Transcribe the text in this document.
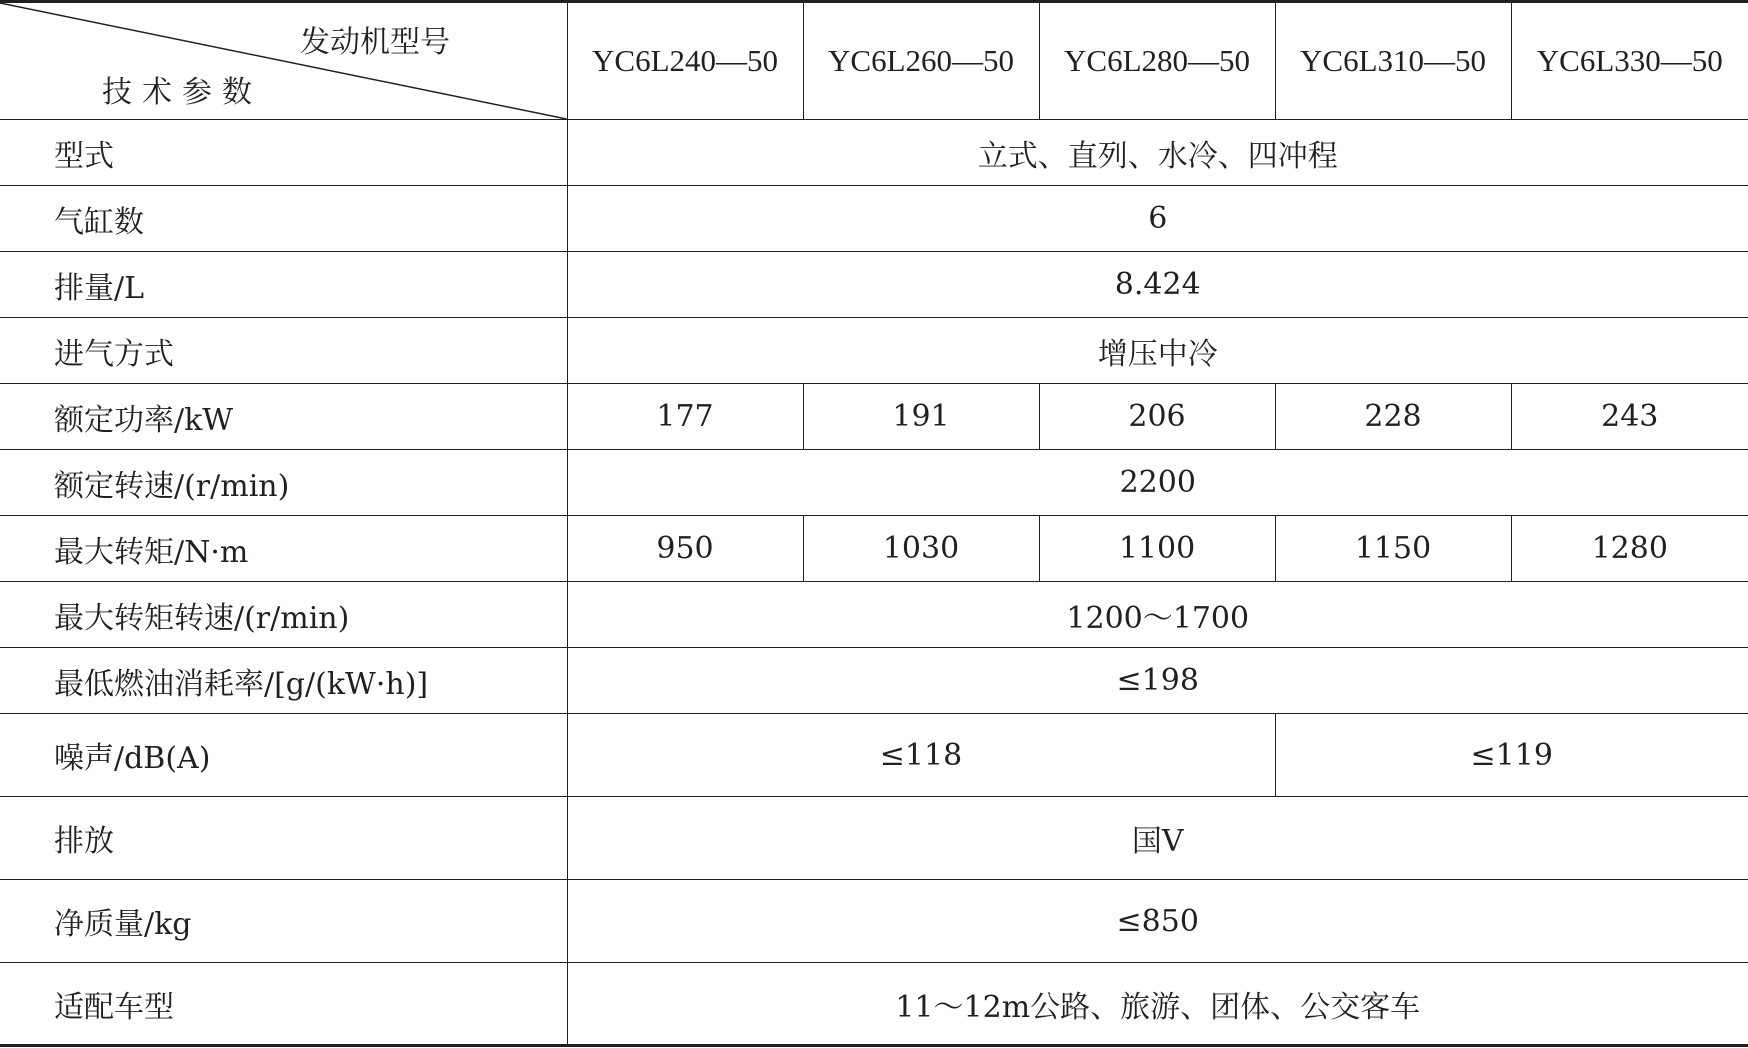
发动机型号
技术参数	YC6L240—50	YC6L260—50	YC6L280—50	YC6L310—50	YC6L330—50
型式	立式、直列、水冷、四冲程				
气缸数	6				
排量/L	8.424				
进气方式	增压中冷				
额定功率/kW	177	191	206	228	243
额定转速/(r/min)	2200				
最大转矩/N·m	950	1030	1100	1150	1280
最大转矩转速/(r/min)	1200～1700				
最低燃油消耗率/[g/(kW·h)]	≤198				
噪声/dB(A)	≤118			≤119	
排放	国Ⅴ				
净质量/kg	≤850				
适配车型	11～12m公路、旅游、团体、公交客车				
